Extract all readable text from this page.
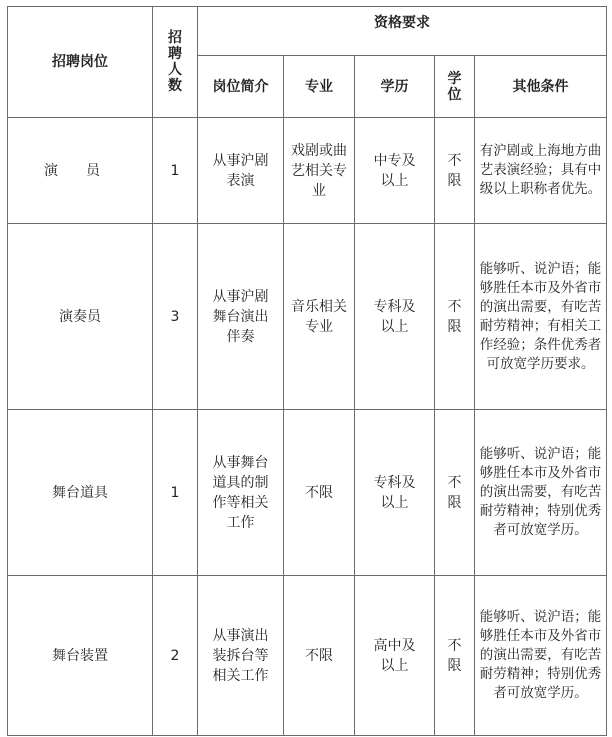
招聘岗位	招聘人数	资格要求				
		岗位简介	专业	学历	学位	其他条件

演　　员	1	从事沪剧表演	戏剧或曲艺相关专业	中专及以上	不限	有沪剧或上海地方曲艺表演经验；具有中级以上职称者优先。
演奏员	3	从事沪剧舞台演出伴奏	音乐相关专业	专科及以上	不限	能够听、说沪语；能够胜任本市及外省市的演出需要，有吃苦耐劳精神；有相关工作经验；条件优秀者可放宽学历要求。
舞台道具	1	从事舞台道具的制作等相关工作	不限	专科及以上	不限	能够听、说沪语；能够胜任本市及外省市的演出需要，有吃苦耐劳精神；特别优秀者可放宽学历。
舞台装置	2	从事演出装拆台等相关工作	不限	高中及以上	不限	能够听、说沪语；能够胜任本市及外省市的演出需要，有吃苦耐劳精神；特别优秀者可放宽学历。
